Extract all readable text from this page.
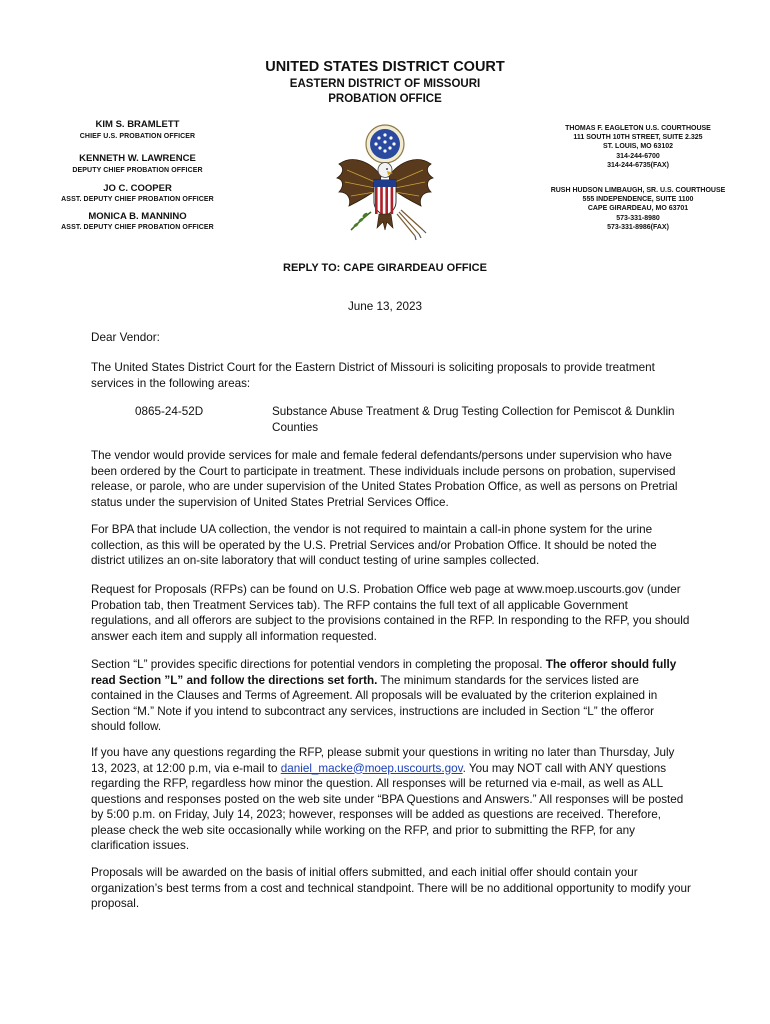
UNITED STATES DISTRICT COURT
EASTERN DISTRICT OF MISSOURI
PROBATION OFFICE
KIM S. BRAMLETT
CHIEF U.S. PROBATION OFFICER
KENNETH W. LAWRENCE
DEPUTY CHIEF PROBATION OFFICER
JO C. COOPER
ASST. DEPUTY CHIEF PROBATION OFFICER
MONICA B. MANNINO
ASST. DEPUTY CHIEF PROBATION OFFICER
THOMAS F. EAGLETON U.S. COURTHOUSE
111 SOUTH 10TH STREET, SUITE 2.325
ST. LOUIS, MO 63102
314-244-6700
314-244-6735(FAX)
RUSH HUDSON LIMBAUGH, SR. U.S. COURTHOUSE
555 INDEPENDENCE, SUITE 1100
CAPE GIRARDEAU, MO 63701
573-331-8980
573-331-8986(FAX)
REPLY TO: CAPE GIRARDEAU OFFICE
June 13, 2023
Dear Vendor:
The United States District Court for the Eastern District of Missouri is soliciting proposals to provide treatment services in the following areas:
0865-24-52D	Substance Abuse Treatment & Drug Testing Collection for Pemiscot & Dunklin Counties
The vendor would provide services for male and female federal defendants/persons under supervision who have been ordered by the Court to participate in treatment. These individuals include persons on probation, supervised release, or parole, who are under supervision of the United States Probation Office, as well as persons on Pretrial status under the supervision of United States Pretrial Services Office.
For BPA that include UA collection, the vendor is not required to maintain a call-in phone system for the urine collection, as this will be operated by the U.S. Pretrial Services and/or Probation Office. It should be noted the district utilizes an on-site laboratory that will conduct testing of urine samples collected.
Request for Proposals (RFPs) can be found on U.S. Probation Office web page at www.moep.uscourts.gov (under Probation tab, then Treatment Services tab). The RFP contains the full text of all applicable Government regulations, and all offerors are subject to the provisions contained in the RFP. In responding to the RFP, you should answer each item and supply all information requested.
Section “L” provides specific directions for potential vendors in completing the proposal. The offeror should fully read Section ”L” and follow the directions set forth. The minimum standards for the services listed are contained in the Clauses and Terms of Agreement. All proposals will be evaluated by the criterion explained in Section “M.” Note if you intend to subcontract any services, instructions are included in Section “L” the offeror should follow.
If you have any questions regarding the RFP, please submit your questions in writing no later than Thursday, July 13, 2023, at 12:00 p.m, via e-mail to daniel_macke@moep.uscourts.gov. You may NOT call with ANY questions regarding the RFP, regardless how minor the question. All responses will be returned via e-mail, as well as ALL questions and responses posted on the web site under “BPA Questions and Answers.” All responses will be posted by 5:00 p.m. on Friday, July 14, 2023; however, responses will be added as questions are received. Therefore, please check the web site occasionally while working on the RFP, and prior to submitting the RFP, for any clarification issues.
Proposals will be awarded on the basis of initial offers submitted, and each initial offer should contain your organization’s best terms from a cost and technical standpoint. There will be no additional opportunity to modify your proposal.
